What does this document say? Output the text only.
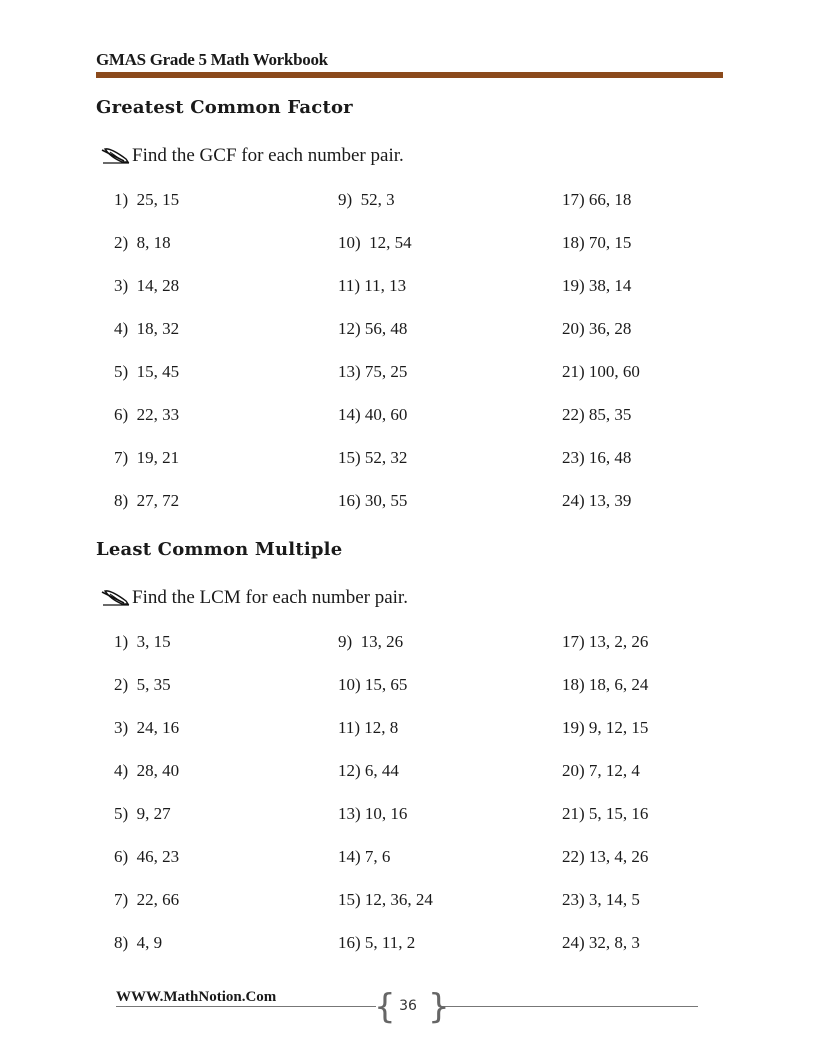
GMAS Grade 5 Math Workbook
Greatest Common Factor
Find the GCF for each number pair.
1)  25, 15	9)  52, 3	17) 66, 18
2)  8, 18	10)  12, 54	18) 70, 15
3)  14, 28	11) 11, 13	19) 38, 14
4)  18, 32	12) 56, 48	20) 36, 28
5)  15, 45	13) 75, 25	21) 100, 60
6)  22, 33	14) 40, 60	22) 85, 35
7)  19, 21	15) 52, 32	23) 16, 48
8)  27, 72	16) 30, 55	24) 13, 39
Least Common Multiple
Find the LCM for each number pair.
1)  3, 15	9)  13, 26	17) 13, 2, 26
2)  5, 35	10) 15, 65	18) 18, 6, 24
3)  24, 16	11) 12, 8	19) 9, 12, 15
4)  28, 40	12) 6, 44	20) 7, 12, 4
5)  9, 27	13) 10, 16	21) 5, 15, 16
6)  46, 23	14) 7, 6	22) 13, 4, 26
7)  22, 66	15) 12, 36, 24	23) 3, 14, 5
8)  4, 9	16) 5, 11, 2	24) 32, 8, 3
WWW.MathNotion.Com	{ }
36
